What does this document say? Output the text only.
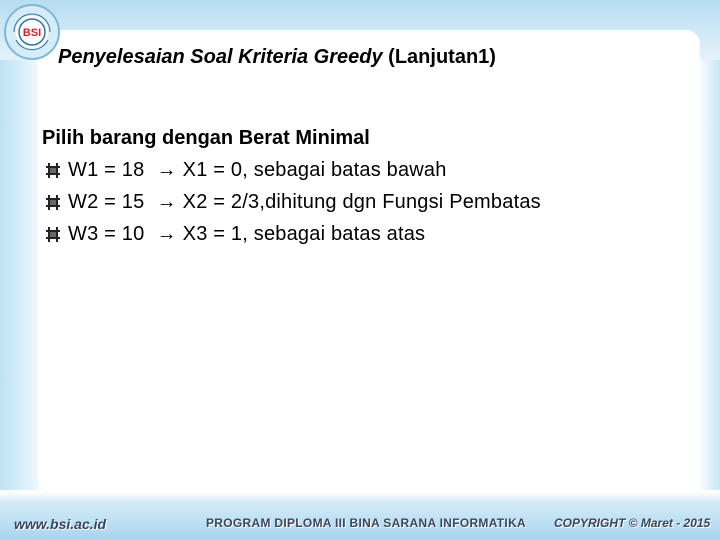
BSI
Penyelesaian Soal Kriteria Greedy (Lanjutan1)
Pilih barang dengan Berat Minimal
W1 = 18 → X1 = 0, sebagai batas bawah
W2 = 15 → X2 = 2/3,dihitung dgn Fungsi Pembatas
W3 = 10 → X3 = 1, sebagai batas atas
www.bsi.ac.id	PROGRAM DIPLOMA III BINA SARANA INFORMATIKA COPYRIGHT © Maret - 2015
